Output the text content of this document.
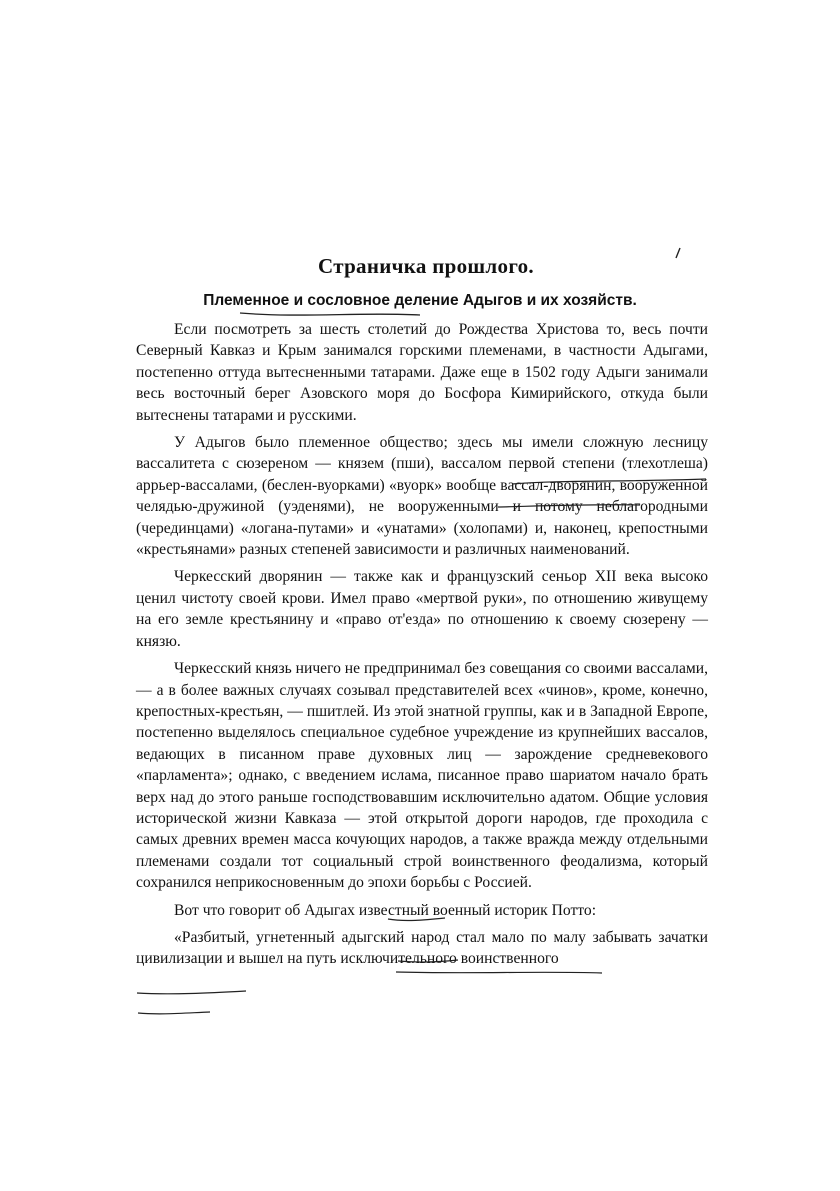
Страничка прошлого.
Племенное и сословное деление Адыгов и их хозяйств.

Если посмотреть за шесть столетий до Рождества Христова то, весь почти Северный Кавказ и Крым занимался горскими племенами, в частности Адыгами, постепенно оттуда вытесненными татарами. Даже еще в 1502 году Адыги занимали весь восточный берег Азовского моря до Босфора Кимирийского, откуда были вытеснены татарами и русскими.

У Адыгов было племенное общество; здесь мы имели сложную лесницу вассалитета с сюзереном — князем (пши), вассалом первой степени (тлехотлеша) аррьер-вассалами, (беслен-вуорками) «вуорк» вообще вассал-дворянин, вооруженной челядью-дружиной (уэденями), не вооруженными и потому неблагородными (черединцами) «логана-путами» и «унатами» (холопами) и, наконец, крепостными «крестьянами» разных степеней зависимости и различных наименований.

Черкесский дворянин — также как и французский сеньор XII века высоко ценил чистоту своей крови. Имел право «мертвой руки», по отношению живущему на его земле крестьянину и «право от'езда» по отношению к своему сюзерену — князю.

Черкесский князь ничего не предпринимал без совещания со своими вассалами, — а в более важных случаях созывал представителей всех «чинов», кроме, конечно, крепостных-крестьян, — пшитлей. Из этой знатной группы, как и в Западной Европе, постепенно выделялось специальное судебное учреждение из крупнейших вассалов, ведающих в писанном праве духовных лиц — зарождение средневекового «парламента»; однако, с введением ислама, писанное право шариатом начало брать верх над до этого раньше господствовавшим исключительно адатом. Общие условия исторической жизни Кавказа — этой открытой дороги народов, где проходила с самых древних времен масса кочующих народов, а также вражда между отдельными племенами создали тот социальный строй воинственного феодализма, который сохранился неприкосновенным до эпохи борьбы с Россией.

Вот что говорит об Адыгах известный военный историк Потто:

«Разбитый, угнетенный адыгский народ стал мало по малу забывать зачатки цивилизации и вышел на путь исключительного воинственного
